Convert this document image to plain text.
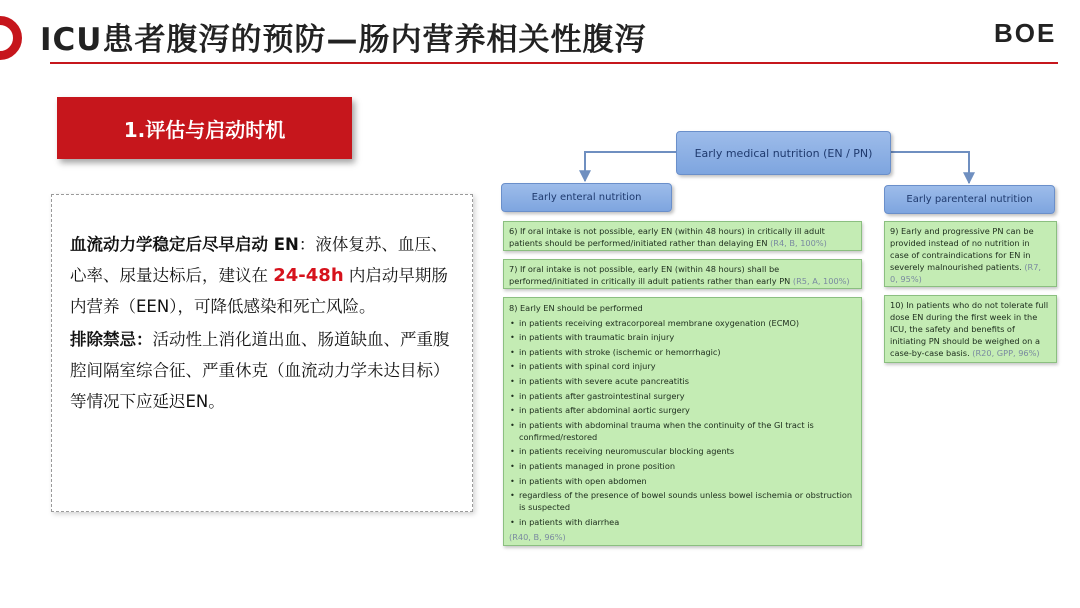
ICU患者腹泻的预防—肠内营养相关性腹泻	BOE
1.评估与启动时机

血流动力学稳定后尽早启动 EN：液体复苏、血压、心率、尿量达标后，建议在 24-48h 内启动早期肠内营养（EEN），可降低感染和死亡风险。

排除禁忌：活动性上消化道出血、肠道缺血、严重腹腔间隔室综合征、严重休克（血流动力学未达目标）等情况下应延迟EN。

Early medical nutrition (EN / PN)
Early enteral nutrition	Early parenteral nutrition
6) If oral intake is not possible, early EN (within 48 hours) in critically ill adult patients should be performed/initiated rather than delaying EN (R4, B, 100%)
7) If oral intake is not possible, early EN (within 48 hours) shall be performed/initiated in critically ill adult patients rather than early PN (R5, A, 100%)
8) Early EN should be performed
• in patients receiving extracorporeal membrane oxygenation (ECMO)
• in patients with traumatic brain injury
• in patients with stroke (ischemic or hemorrhagic)
• in patients with spinal cord injury
• in patients with severe acute pancreatitis
• in patients after gastrointestinal surgery
• in patients after abdominal aortic surgery
• in patients with abdominal trauma when the continuity of the GI tract is confirmed/restored
• in patients receiving neuromuscular blocking agents
• in patients managed in prone position
• in patients with open abdomen
• regardless of the presence of bowel sounds unless bowel ischemia or obstruction is suspected
• in patients with diarrhea
(R40, B, 96%)
9) Early and progressive PN can be provided instead of no nutrition in case of contraindications for EN in severely malnourished patients. (R7, 0, 95%)
10) In patients who do not tolerate full dose EN during the first week in the ICU, the safety and benefits of initiating PN should be weighed on a case-by-case basis. (R20, GPP, 96%)
